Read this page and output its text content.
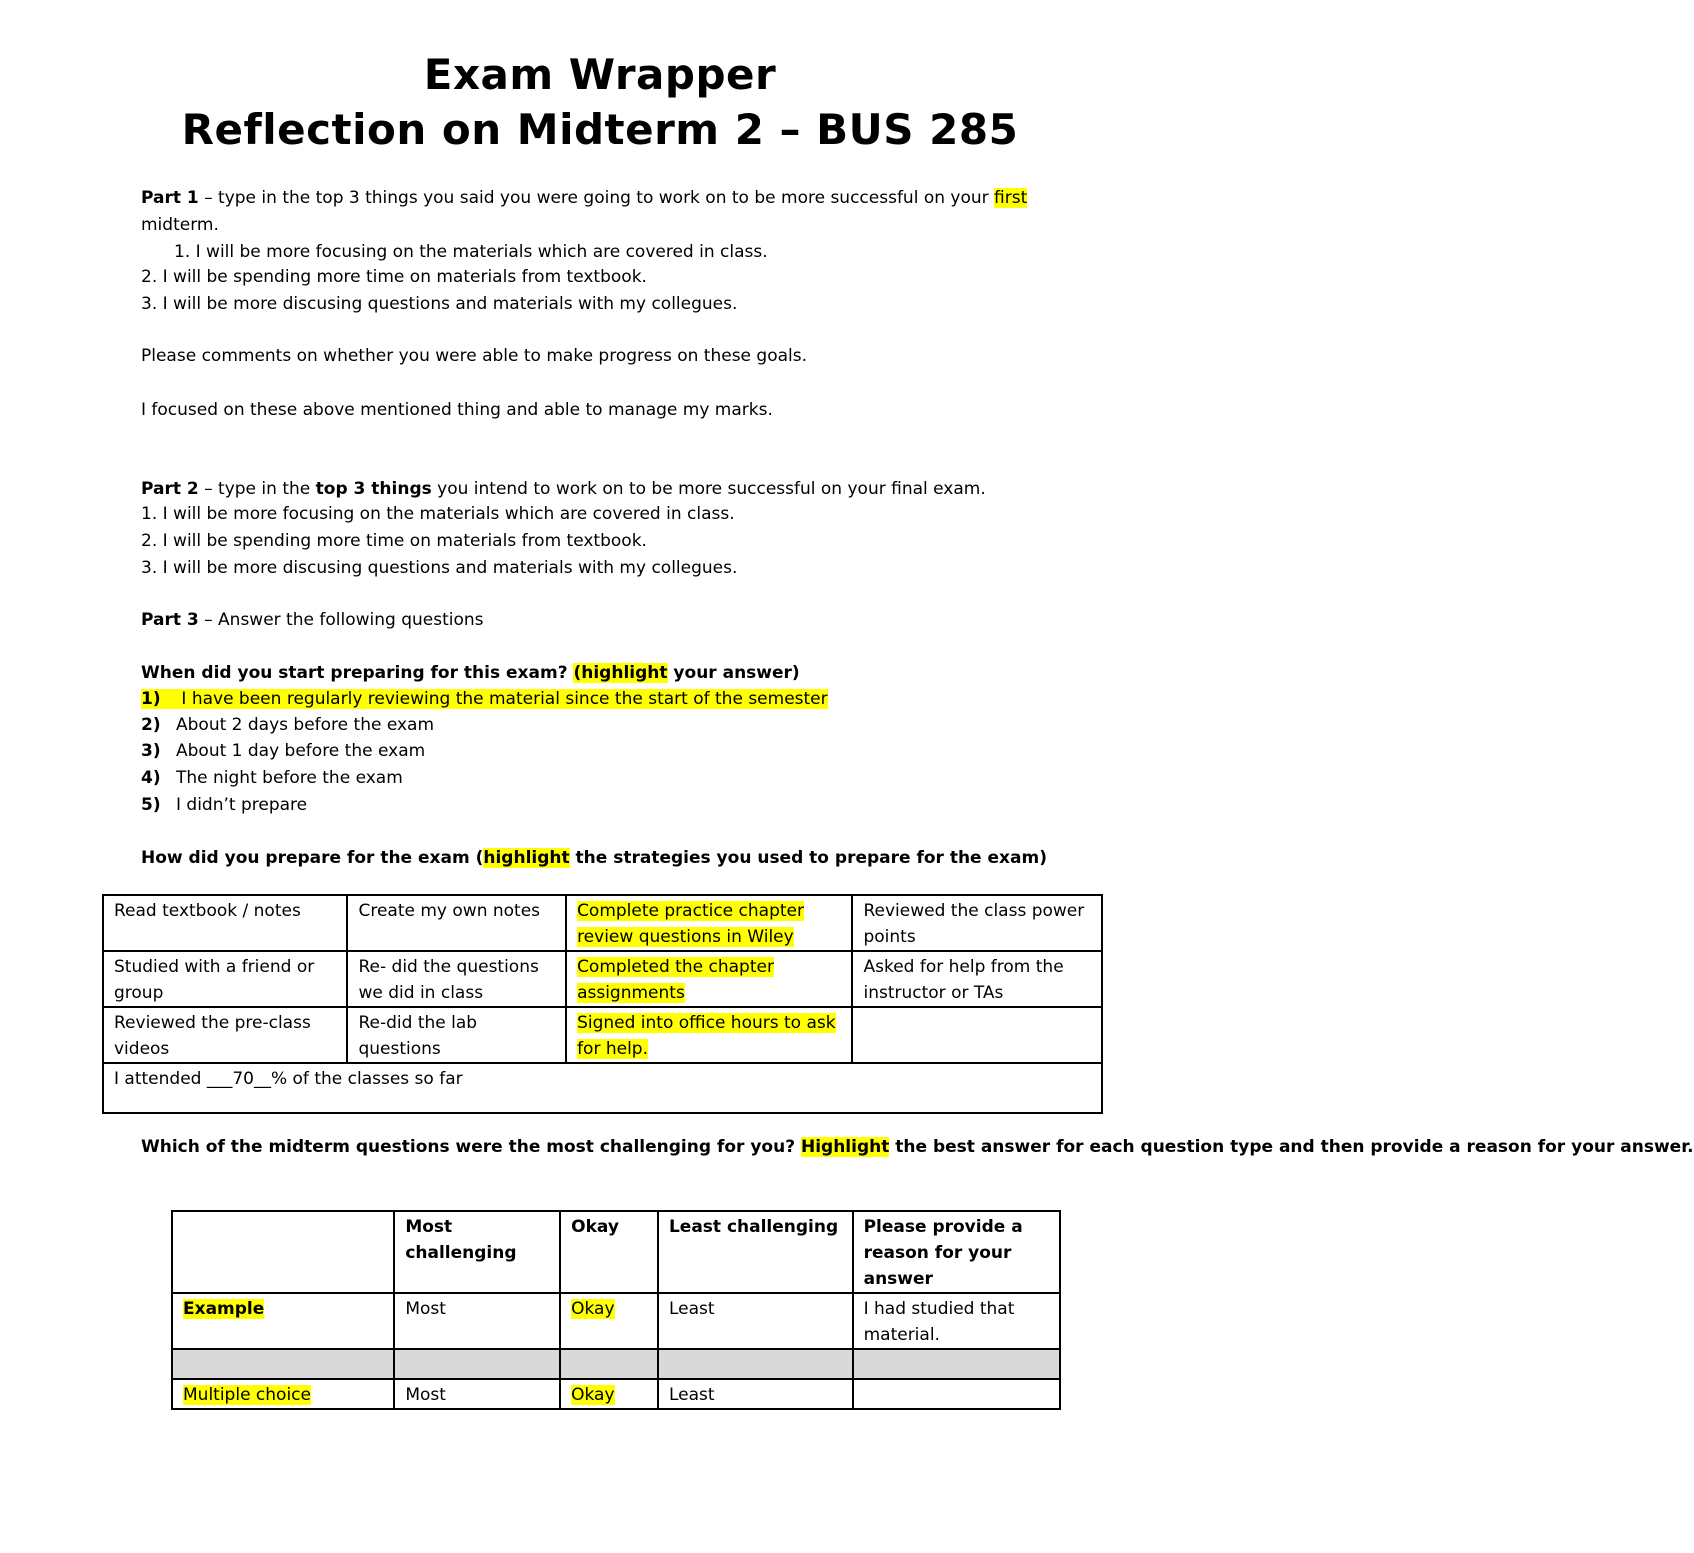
Exam Wrapper
Reflection on Midterm 2 – BUS 285
Part 1 – type in the top 3 things you said you were going to work on to be more successful on your first
midterm.
1. I will be more focusing on the materials which are covered in class.
2. I will be spending more time on materials from textbook.
3. I will be more discusing questions and materials with my collegues.
Please comments on whether you were able to make progress on these goals.
I focused on these above mentioned thing and able to manage my marks.
Part 2 – type in the top 3 things you intend to work on to be more successful on your final exam.
1. I will be more focusing on the materials which are covered in class.
2. I will be spending more time on materials from textbook.
3. I will be more discusing questions and materials with my collegues.
Part 3 – Answer the following questions
When did you start preparing for this exam? (highlight your answer)
1) I have been regularly reviewing the material since the start of the semester
2) About 2 days before the exam
3) About 1 day before the exam
4) The night before the exam
5) I didn’t prepare
How did you prepare for the exam (highlight the strategies you used to prepare for the exam)
Read textbook / notes	Create my own notes	Complete practice chapter review questions in Wiley	Reviewed the class power points
Studied with a friend or group	Re- did the questions we did in class	Completed the chapter assignments	Asked for help from the instructor or TAs
Reviewed the pre-class videos	Re-did the lab questions	Signed into office hours to ask for help.	
I attended ___70__% of the classes so far			
Which of the midterm questions were the most challenging for you? Highlight the best answer for each question type and then provide a reason for your answer.
	Most challenging	Okay	Least challenging	Please provide a reason for your answer
Example	Most	Okay	Least	I had studied that material.

Multiple choice	Most	Okay	Least	
